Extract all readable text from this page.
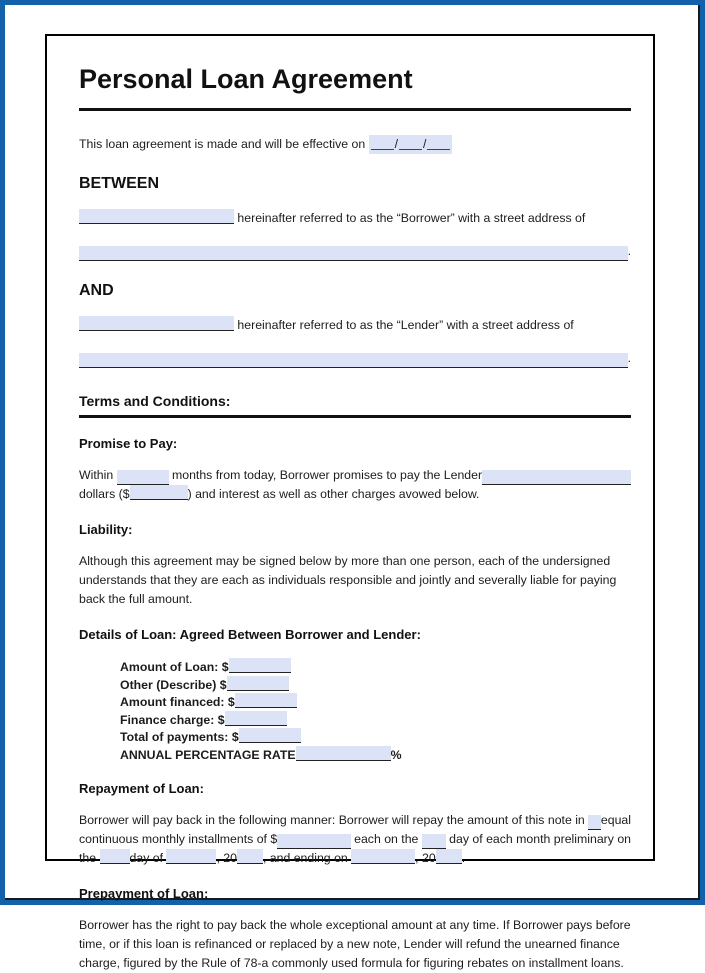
Personal Loan Agreement
This loan agreement is made and will be effective on / /
BETWEEN
hereinafter referred to as the “Borrower” with a street address of
.
AND
hereinafter referred to as the “Lender” with a street address of
.
Terms and Conditions:
Promise to Pay:
Within	months from today, Borrower promises to pay the Lender
dollars ($	) and interest as well as other charges avowed below.
Liability:
Although this agreement may be signed below by more than one person, each of the undersigned understands that they are each as individuals responsible and jointly and severally liable for paying back the full amount.
Details of Loan: Agreed Between Borrower and Lender:
Amount of Loan: $
Other (Describe) $
Amount financed: $
Finance charge: $
Total of payments: $
ANNUAL PERCENTAGE RATE	%
Repayment of Loan:
Borrower will pay back in the following manner: Borrower will repay the amount of this note in equal
continuous monthly installments of $	each on the day of each month preliminary on
the day of	, 20 , and ending on	, 20 .
Prepayment of Loan:
Borrower has the right to pay back the whole exceptional amount at any time. If Borrower pays before time, or if this loan is refinanced or replaced by a new note, Lender will refund the unearned finance charge, figured by the Rule of 78-a commonly used formula for figuring rebates on installment loans.
